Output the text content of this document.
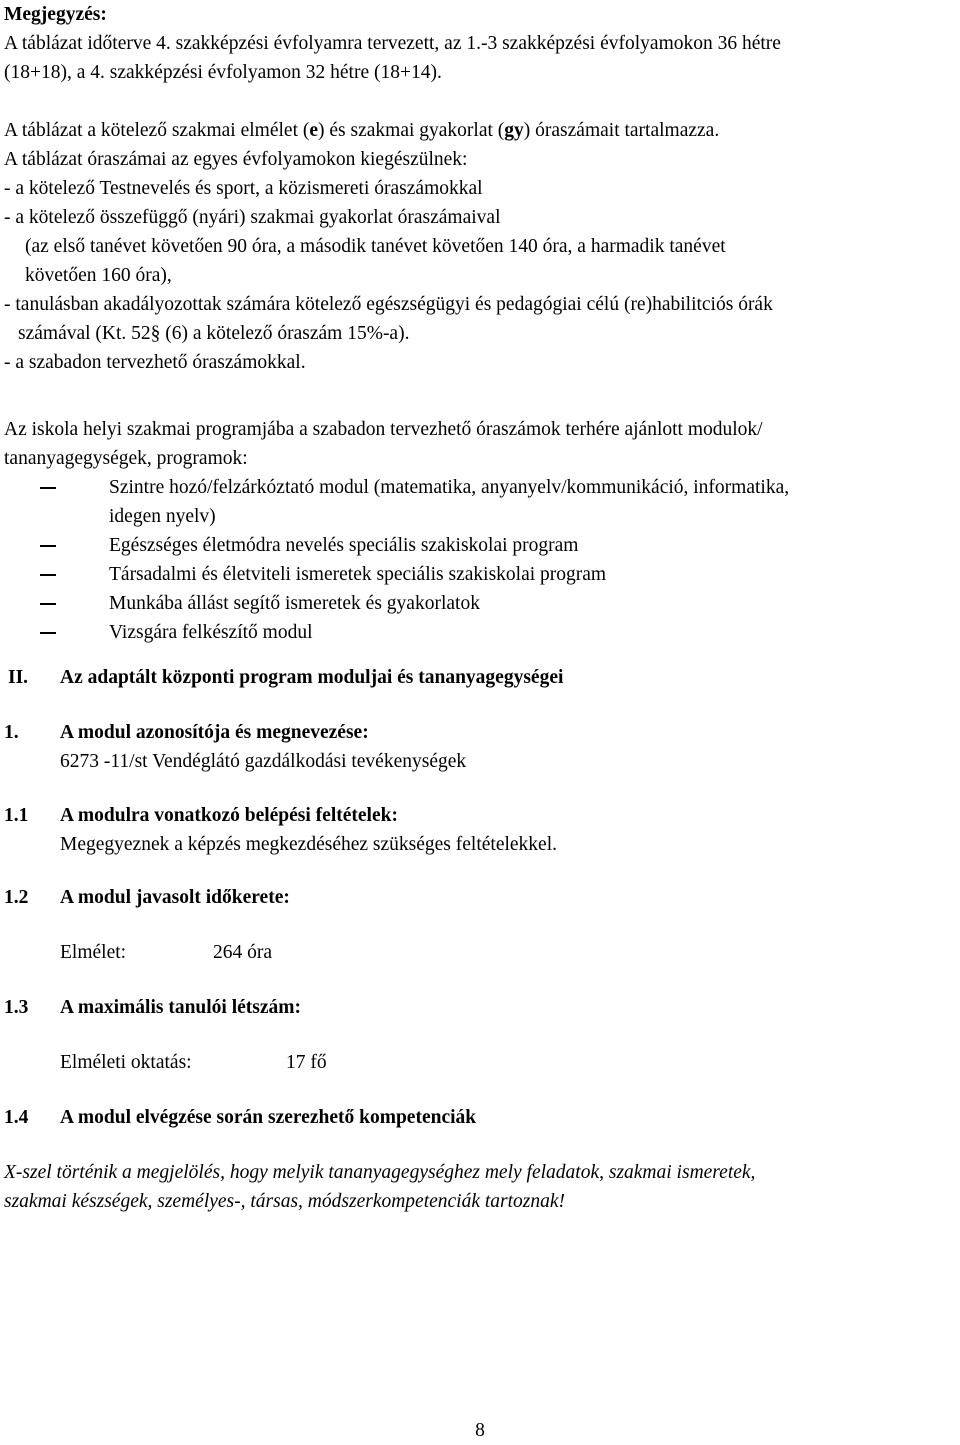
Megjegyzés:

A táblázat időterve 4. szakképzési évfolyamra tervezett, az 1.-3 szakképzési évfolyamokon 36 hétre

(18+18), a 4. szakképzési évfolyamon 32 hétre (18+14).

A táblázat a kötelező szakmai elmélet (e) és szakmai gyakorlat (gy) óraszámait tartalmazza.

A táblázat óraszámai az egyes évfolyamokon kiegészülnek:

- a kötelező Testnevelés és sport, a közismereti óraszámokkal

- a kötelező összefüggő (nyári) szakmai gyakorlat óraszámaival

(az első tanévet követően 90 óra, a második tanévet követően 140 óra, a harmadik tanévet

követően 160 óra),

- tanulásban akadályozottak számára kötelező egészségügyi és pedagógiai célú (re)habilitciós órák

számával (Kt. 52§ (6) a kötelező óraszám 15%-a).

- a szabadon tervezhető óraszámokkal.

Az iskola helyi szakmai programjába a szabadon tervezhető óraszámok terhére ajánlott modulok/

tananyagegységek, programok:

Szintre hozó/felzárkóztató modul (matematika, anyanyelv/kommunikáció, informatika,
idegen nyelv)
Egészséges életmódra nevelés speciális szakiskolai program
Társadalmi és életviteli ismeretek speciális szakiskolai program
Munkába állást segítő ismeretek és gyakorlatok
Vizsgára felkészítő modul
II. Az adaptált központi program moduljai és tananyagegységei
1. A modul azonosítója és megnevezése:
6273 -11/st Vendéglátó gazdálkodási tevékenységek
1.1 A modulra vonatkozó belépési feltételek:
Megegyeznek a képzés megkezdéséhez szükséges feltételekkel.
1.2 A modul javasolt időkerete:
Elmélet:	264 óra
1.3 A maximális tanulói létszám:
Elméleti oktatás:	17 fő
1.4 A modul elvégzése során szerezhető kompetenciák

X-szel történik a megjelölés, hogy melyik tananyagegységhez mely feladatok, szakmai ismeretek,

szakmai készségek, személyes-, társas, módszerkompetenciák tartoznak!

8
